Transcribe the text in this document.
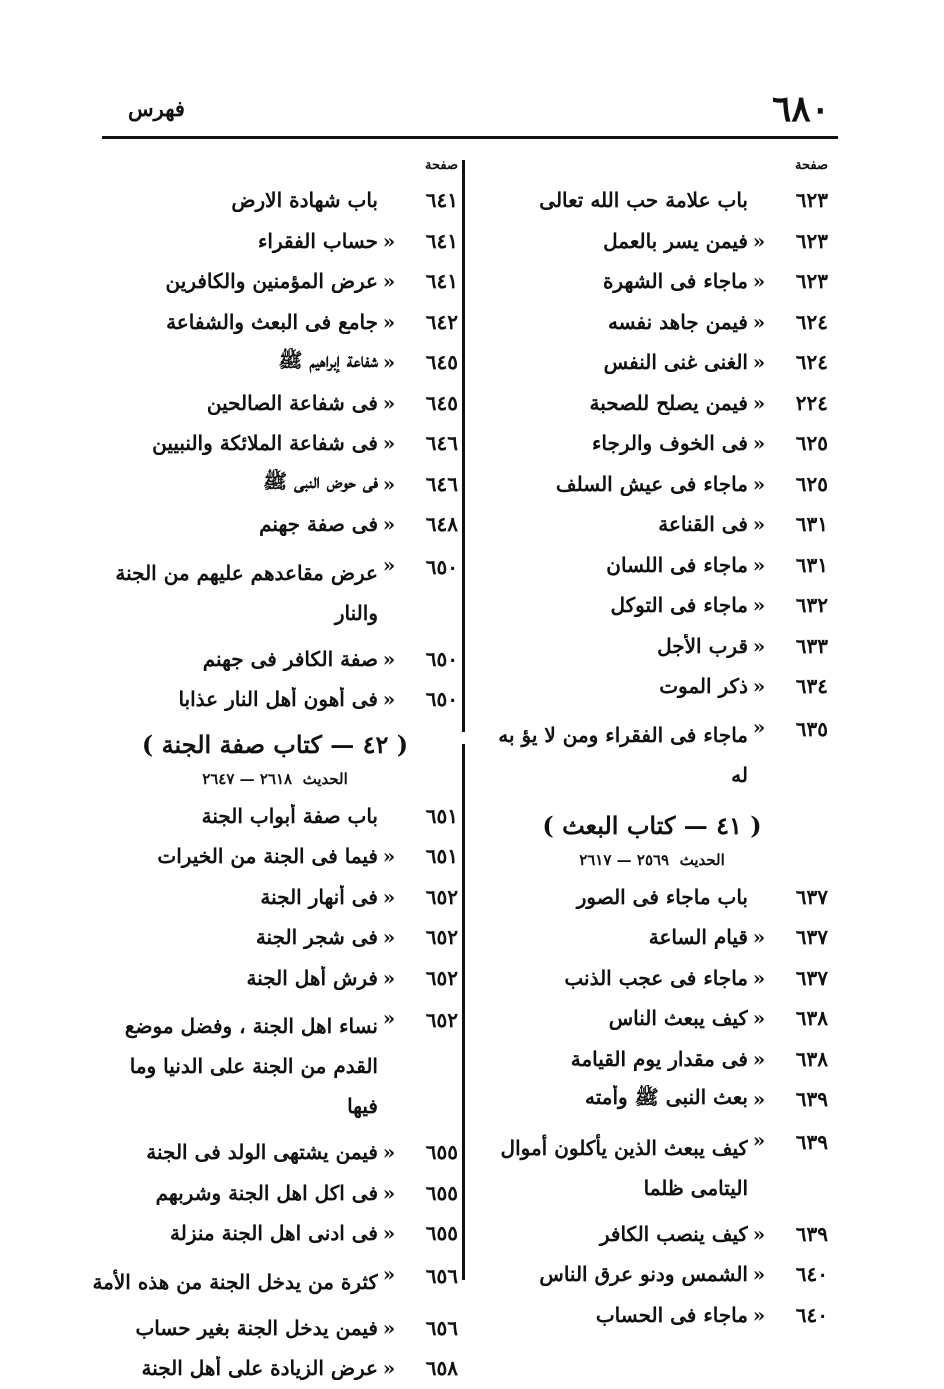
فهرس	٦٨٠
صفحة
٦٢٣
باب علامة حب الله تعالى
٦٢٣
«
فيمن يسر بالعمل
٦٢٣
«
ماجاء فى الشهرة
٦٢٤
«
فيمن جاهد نفسه
٦٢٤
«
الغنى غنى النفس
٢٢٤
«
فيمن يصلح للصحبة
٦٢٥
«
فى الخوف والرجاء
٦٢٥
«
ماجاء فى عيش السلف
٦٣١
«
فى القناعة
٦٣١
«
ماجاء فى اللسان
٦٣٢
«
ماجاء فى التوكل
٦٣٣
«
قرب الأجل
٦٣٤
«
ذكر الموت
٦٣٥
«
ماجاء فى الفقراء ومن لا يؤ به له
( ٤١ — كتاب البعث )
الحديث  ٢٥٦٩ — ٢٦١٧
٦٣٧
باب ماجاء فى الصور
٦٣٧
«
قيام الساعة
٦٣٧
«
ماجاء فى عجب الذنب
٦٣٨
«
كيف يبعث الناس
٦٣٨
«
فى مقدار يوم القيامة
٦٣٩
«
بعث النبى ﷺ وأمته
٦٣٩
«
كيف يبعث الذين يأكلون أموال اليتامى ظلما
٦٣٩
«
كيف ينصب الكافر
٦٤٠
«
الشمس ودنو عرق الناس
٦٤٠
«
ماجاء فى الحساب
صفحة
٦٤١
باب شهادة الارض
٦٤١
«
حساب الفقراء
٦٤١
«
عرض المؤمنين والكافرين
٦٤٢
«
جامع فى البعث والشفاعة
٦٤٥
«
شفاعة إبراهيم ﷺ
٦٤٥
«
فى شفاعة الصالحين
٦٤٦
«
فى شفاعة الملائكة والنبيين
٦٤٦
«
فى حوض النبى ﷺ
٦٤٨
«
فى صفة جهنم
٦٥٠
«
عرض مقاعدهم عليهم من الجنة والنار
٦٥٠
«
صفة الكافر فى جهنم
٦٥٠
«
فى أهون أهل النار عذابا
( ٤٢ — كتاب صفة الجنة )
الحديث  ٢٦١٨ — ٢٦٤٧
٦٥١
باب صفة أبواب الجنة
٦٥١
«
فيما فى الجنة من الخيرات
٦٥٢
«
فى أنهار الجنة
٦٥٢
«
فى شجر الجنة
٦٥٢
«
فرش أهل الجنة
٦٥٢
«
نساء اهل الجنة ، وفضل موضع القدم من الجنة على الدنيا وما فيها
٦٥٥
«
فيمن يشتهى الولد فى الجنة
٦٥٥
«
فى اكل اهل الجنة وشربهم
٦٥٥
«
فى ادنى اهل الجنة منزلة
٦٥٦
«
كثرة من يدخل الجنة من هذه الأمة
٦٥٦
«
فيمن يدخل الجنة بغير حساب
٦٥٨
«
عرض الزيادة على أهل الجنة
